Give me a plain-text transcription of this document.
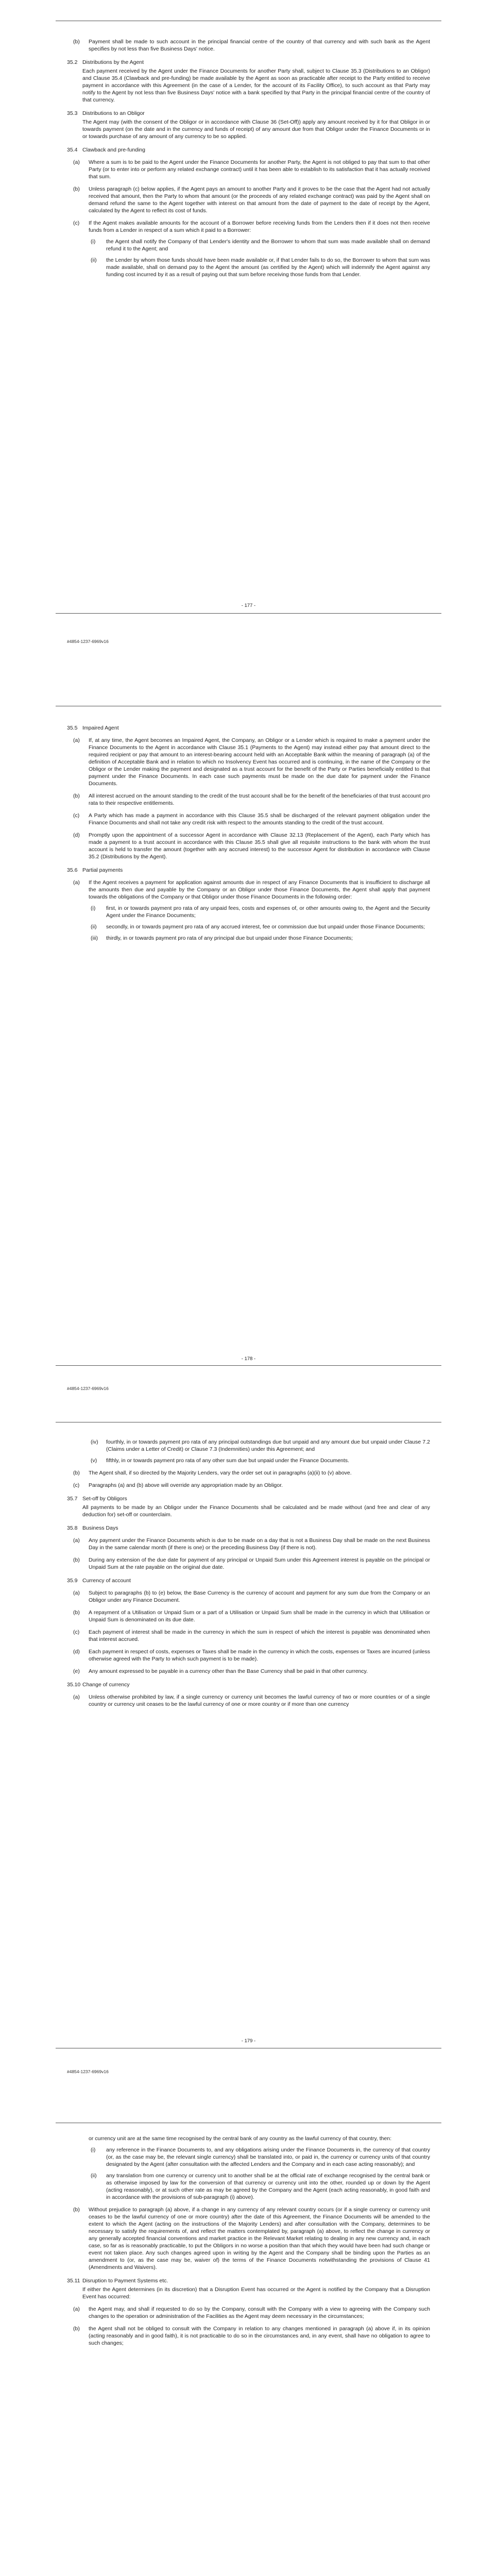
(b)	Payment shall be made to such account in the principal financial centre of the country of that currency and with such bank as the Agent specifies by not less than five Business Days' notice.
35.2 Distributions by the Agent
Each payment received by the Agent under the Finance Documents for another Party shall, subject to Clause 35.3 (Distributions to an Obligor) and Clause 35.4 (Clawback and pre-funding) be made available by the Agent as soon as practicable after receipt to the Party entitled to receive payment in accordance with this Agreement (in the case of a Lender, for the account of its Facility Office), to such account as that Party may notify to the Agent by not less than five Business Days' notice with a bank specified by that Party in the principal financial centre of the country of that currency.
35.3 Distributions to an Obligor
The Agent may (with the consent of the Obligor or in accordance with Clause 36 (Set-Off)) apply any amount received by it for that Obligor in or towards payment (on the date and in the currency and funds of receipt) of any amount due from that Obligor under the Finance Documents or in or towards purchase of any amount of any currency to be so applied.
35.4 Clawback and pre-funding
(a)	Where a sum is to be paid to the Agent under the Finance Documents for another Party, the Agent is not obliged to pay that sum to that other Party (or to enter into or perform any related exchange contract) until it has been able to establish to its satisfaction that it has actually received that sum.
(b)	Unless paragraph (c) below applies, if the Agent pays an amount to another Party and it proves to be the case that the Agent had not actually received that amount, then the Party to whom that amount (or the proceeds of any related exchange contract) was paid by the Agent shall on demand refund the same to the Agent together with interest on that amount from the date of payment to the date of receipt by the Agent, calculated by the Agent to reflect its cost of funds.
(c)	If the Agent makes available amounts for the account of a Borrower before receiving funds from the Lenders then if it does not then receive funds from a Lender in respect of a sum which it paid to a Borrower:
(i)	the Agent shall notify the Company of that Lender's identity and the Borrower to whom that sum was made available shall on demand refund it to the Agent; and
(ii)	the Lender by whom those funds should have been made available or, if that Lender fails to do so, the Borrower to whom that sum was made available, shall on demand pay to the Agent the amount (as certified by the Agent) which will indemnify the Agent against any funding cost incurred by it as a result of paying out that sum before receiving those funds from that Lender.
- 177 -
#4854-1237-6969v16
35.5 Impaired Agent
(a)	If, at any time, the Agent becomes an Impaired Agent, the Company, an Obligor or a Lender which is required to make a payment under the Finance Documents to the Agent in accordance with Clause 35.1 (Payments to the Agent) may instead either pay that amount direct to the required recipient or pay that amount to an interest-bearing account held with an Acceptable Bank within the meaning of paragraph (a) of the definition of Acceptable Bank and in relation to which no Insolvency Event has occurred and is continuing, in the name of the Company or the Obligor or the Lender making the payment and designated as a trust account for the benefit of the Party or Parties beneficially entitled to that payment under the Finance Documents. In each case such payments must be made on the due date for payment under the Finance Documents.
(b)	All interest accrued on the amount standing to the credit of the trust account shall be for the benefit of the beneficiaries of that trust account pro rata to their respective entitlements.
(c)	A Party which has made a payment in accordance with this Clause 35.5 shall be discharged of the relevant payment obligation under the Finance Documents and shall not take any credit risk with respect to the amounts standing to the credit of the trust account.
(d)	Promptly upon the appointment of a successor Agent in accordance with Clause 32.13 (Replacement of the Agent), each Party which has made a payment to a trust account in accordance with this Clause 35.5 shall give all requisite instructions to the bank with whom the trust account is held to transfer the amount (together with any accrued interest) to the successor Agent for distribution in accordance with Clause 35.2 (Distributions by the Agent).
35.6 Partial payments
(a)	If the Agent receives a payment for application against amounts due in respect of any Finance Documents that is insufficient to discharge all the amounts then due and payable by the Company or an Obligor under those Finance Documents, the Agent shall apply that payment towards the obligations of the Company or that Obligor under those Finance Documents in the following order:
(i)	first, in or towards payment pro rata of any unpaid fees, costs and expenses of, or other amounts owing to, the Agent and the Security Agent under the Finance Documents;
(ii)	secondly, in or towards payment pro rata of any accrued interest, fee or commission due but unpaid under those Finance Documents;
(iii)	thirdly, in or towards payment pro rata of any principal due but unpaid under those Finance Documents;
- 178 -
#4854-1237-6969v16
(iv)	fourthly, in or towards payment pro rata of any principal outstandings due but unpaid and any amount due but unpaid under Clause 7.2 (Claims under a Letter of Credit) or Clause 7.3 (Indemnities) under this Agreement; and
(v)	fifthly, in or towards payment pro rata of any other sum due but unpaid under the Finance Documents.
(b)	The Agent shall, if so directed by the Majority Lenders, vary the order set out in paragraphs (a)(ii) to (v) above.
(c)	Paragraphs (a) and (b) above will override any appropriation made by an Obligor.
35.7 Set-off by Obligors
All payments to be made by an Obligor under the Finance Documents shall be calculated and be made without (and free and clear of any deduction for) set-off or counterclaim.
35.8 Business Days
(a)	Any payment under the Finance Documents which is due to be made on a day that is not a Business Day shall be made on the next Business Day in the same calendar month (if there is one) or the preceding Business Day (if there is not).
(b)	During any extension of the due date for payment of any principal or Unpaid Sum under this Agreement interest is payable on the principal or Unpaid Sum at the rate payable on the original due date.
35.9 Currency of account
(a)	Subject to paragraphs (b) to (e) below, the Base Currency is the currency of account and payment for any sum due from the Company or an Obligor under any Finance Document.
(b)	A repayment of a Utilisation or Unpaid Sum or a part of a Utilisation or Unpaid Sum shall be made in the currency in which that Utilisation or Unpaid Sum is denominated on its due date.
(c)	Each payment of interest shall be made in the currency in which the sum in respect of which the interest is payable was denominated when that interest accrued.
(d)	Each payment in respect of costs, expenses or Taxes shall be made in the currency in which the costs, expenses or Taxes are incurred (unless otherwise agreed with the Party to which such payment is to be made).
(e)	Any amount expressed to be payable in a currency other than the Base Currency shall be paid in that other currency.
35.10 Change of currency
(a)	Unless otherwise prohibited by law, if a single currency or currency unit becomes the lawful currency of two or more countries or of a single country or currency unit ceases to be the lawful currency of one or more country or if more than one currency
- 179 -
#4854-1237-6969v16
or currency unit are at the same time recognised by the central bank of any country as the lawful currency of that country, then:
(i)	any reference in the Finance Documents to, and any obligations arising under the Finance Documents in, the currency of that country (or, as the case may be, the relevant single currency) shall be translated into, or paid in, the currency or currency units of that country designated by the Agent (after consultation with the affected Lenders and the Company and in each case acting reasonably); and
(ii)	any translation from one currency or currency unit to another shall be at the official rate of exchange recognised by the central bank or as otherwise imposed by law for the conversion of that currency or currency unit into the other, rounded up or down by the Agent (acting reasonably), or at such other rate as may be agreed by the Company and the Agent (each acting reasonably, in good faith and in accordance with the provisions of sub-paragraph (i) above).
(b)	Without prejudice to paragraph (a) above, if a change in any currency of any relevant country occurs (or if a single currency or currency unit ceases to be the lawful currency of one or more country) after the date of this Agreement, the Finance Documents will be amended to the extent to which the Agent (acting on the instructions of the Majority Lenders) and after consultation with the Company, determines to be necessary to satisfy the requirements of, and reflect the matters contemplated by, paragraph (a) above, to reflect the change in currency or any generally accepted financial conventions and market practice in the Relevant Market relating to dealing in any new currency and, in each case, so far as is reasonably practicable, to put the Obligors in no worse a position than that which they would have been had such change or event not taken place. Any such changes agreed upon in writing by the Agent and the Company shall be binding upon the Parties as an amendment to (or, as the case may be, waiver of) the terms of the Finance Documents notwithstanding the provisions of Clause 41 (Amendments and Waivers).
35.11 Disruption to Payment Systems etc.
If either the Agent determines (in its discretion) that a Disruption Event has occurred or the Agent is notified by the Company that a Disruption Event has occurred:
(a)	the Agent may, and shall if requested to do so by the Company, consult with the Company with a view to agreeing with the Company such changes to the operation or administration of the Facilities as the Agent may deem necessary in the circumstances;
(b)	the Agent shall not be obliged to consult with the Company in relation to any changes mentioned in paragraph (a) above if, in its opinion (acting reasonably and in good faith), it is not practicable to do so in the circumstances and, in any event, shall have no obligation to agree to such changes;
